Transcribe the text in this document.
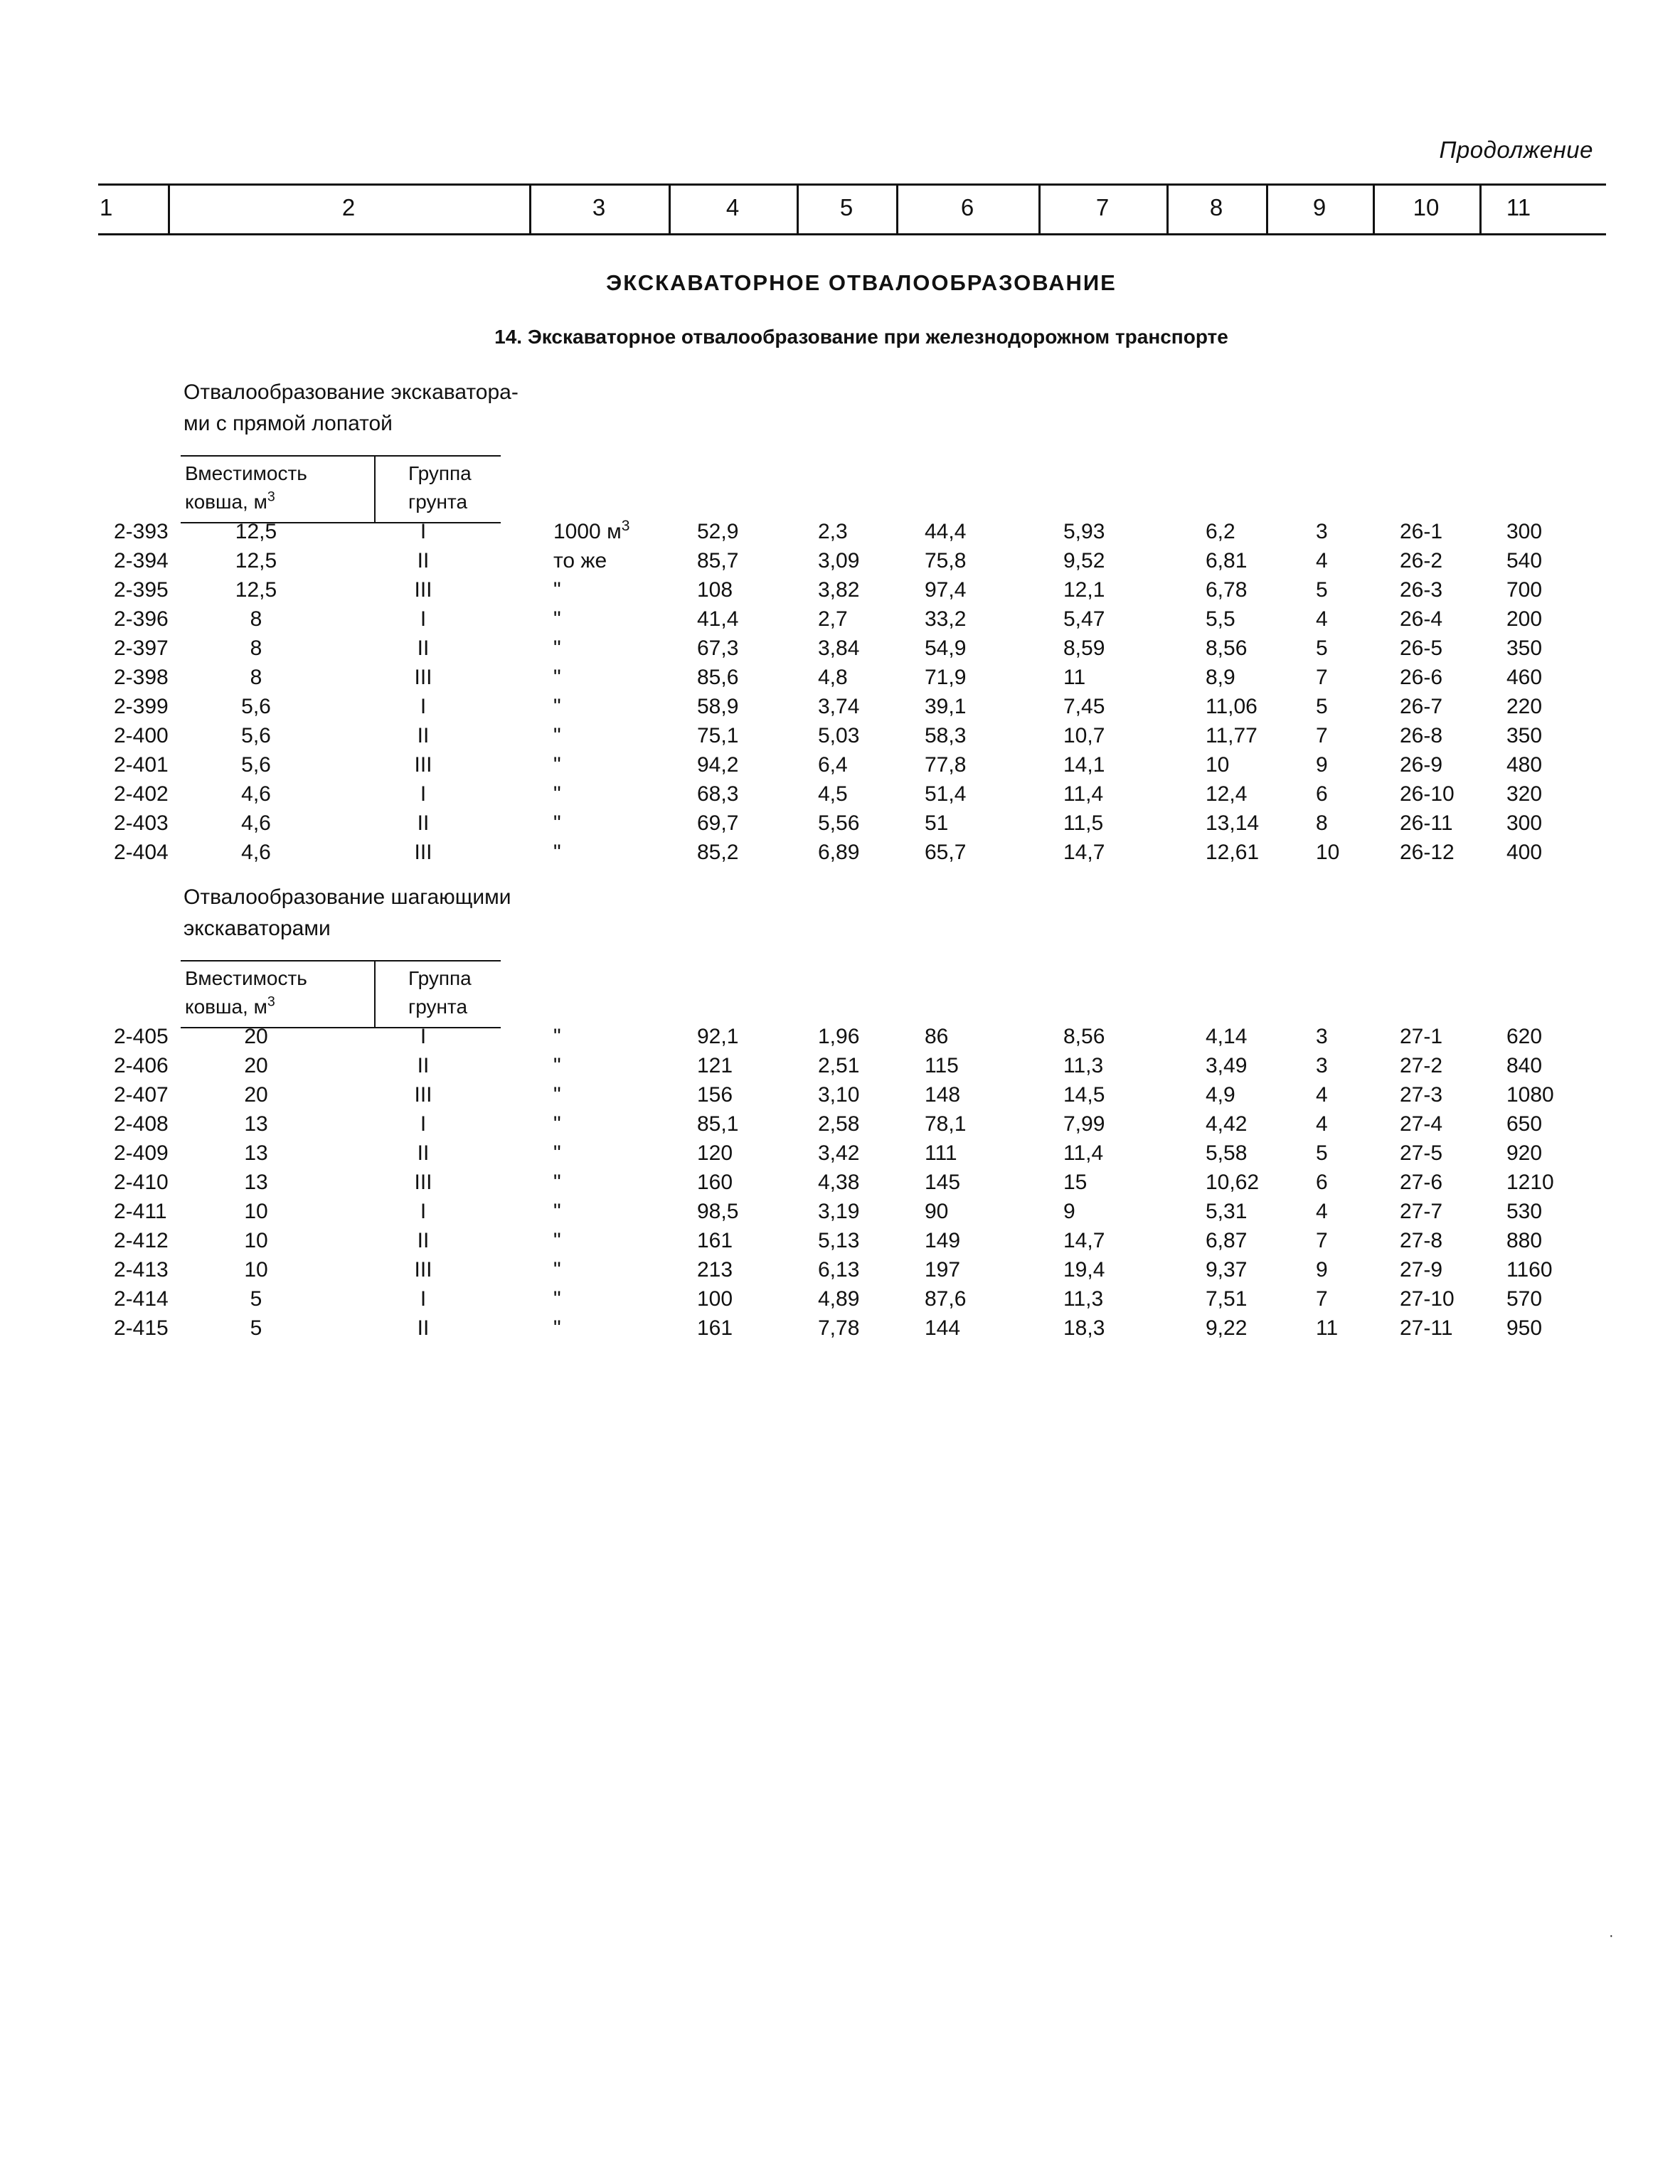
Продолжение
1	2	3	4	5	6	7	8	9	10	11
ЭКСКАВАТОРНОЕ ОТВАЛООБРАЗОВАНИЕ
14. Экскаваторное отвалообразование при железнодорожном транспорте
Отвалообразование экскаватора-
ми с прямой лопатой
Вместимость
ковша, $м^3$
Группа
грунта
2-393	12,5	I	1000 $м^3$	52,9	2,3	44,4	5,93	6,2	3	26-1	300
2-394	12,5	II	то же	85,7	3,09	75,8	9,52	6,81	4	26-2	540
2-395	12,5	III	"	108	3,82	97,4	12,1	6,78	5	26-3	700
2-396	8	I	"	41,4	2,7	33,2	5,47	5,5	4	26-4	200
2-397	8	II	"	67,3	3,84	54,9	8,59	8,56	5	26-5	350
2-398	8	III	"	85,6	4,8	71,9	11	8,9	7	26-6	460
2-399	5,6	I	"	58,9	3,74	39,1	7,45	11,06	5	26-7	220
2-400	5,6	II	"	75,1	5,03	58,3	10,7	11,77	7	26-8	350
2-401	5,6	III	"	94,2	6,4	77,8	14,1	10	9	26-9	480
2-402	4,6	I	"	68,3	4,5	51,4	11,4	12,4	6	26-10 320
2-403	4,6	II	"	69,7	5,56	51	11,5	13,14	8	26-11	300
2-404	4,6	III	"	85,2	6,89	65,7	14,7	12,61	10	26-12 400
Отвалообразование шагающими
экскаваторами
Вместимость
ковша, $м^3$
Группа
грунта
2-405	20	I	"	92,1	1,96	86	8,56	4,14	3	27-1	620
2-406	20	II	"	121	2,51	115	11,3	3,49	3	27-2	840
2-407	20	III	"	156	3,10	148	14,5	4,9	4	27-3	1080
2-408	13	I	"	85,1	2,58	78,1	7,99	4,42	4	27-4	650
2-409	13	II	"	120	3,42	111	11,4	5,58	5	27-5	920
2-410	13	III	"	160	4,38	145	15	10,62	6	27-6	1210
2-411	10	I	"	98,5	3,19	90	9	5,31	4	27-7	530
2-412	10	II	"	161	5,13	149	14,7	6,87	7	27-8	880
2-413	10	III	"	213	6,13	197	19,4	9,37	9	27-9	1160
2-414	5	I	"	100	4,89	87,6	11,3	7,51	7	27-10 570
2-415	5	II	"	161	7,78	144	18,3	9,22	11	27-11	950
·
